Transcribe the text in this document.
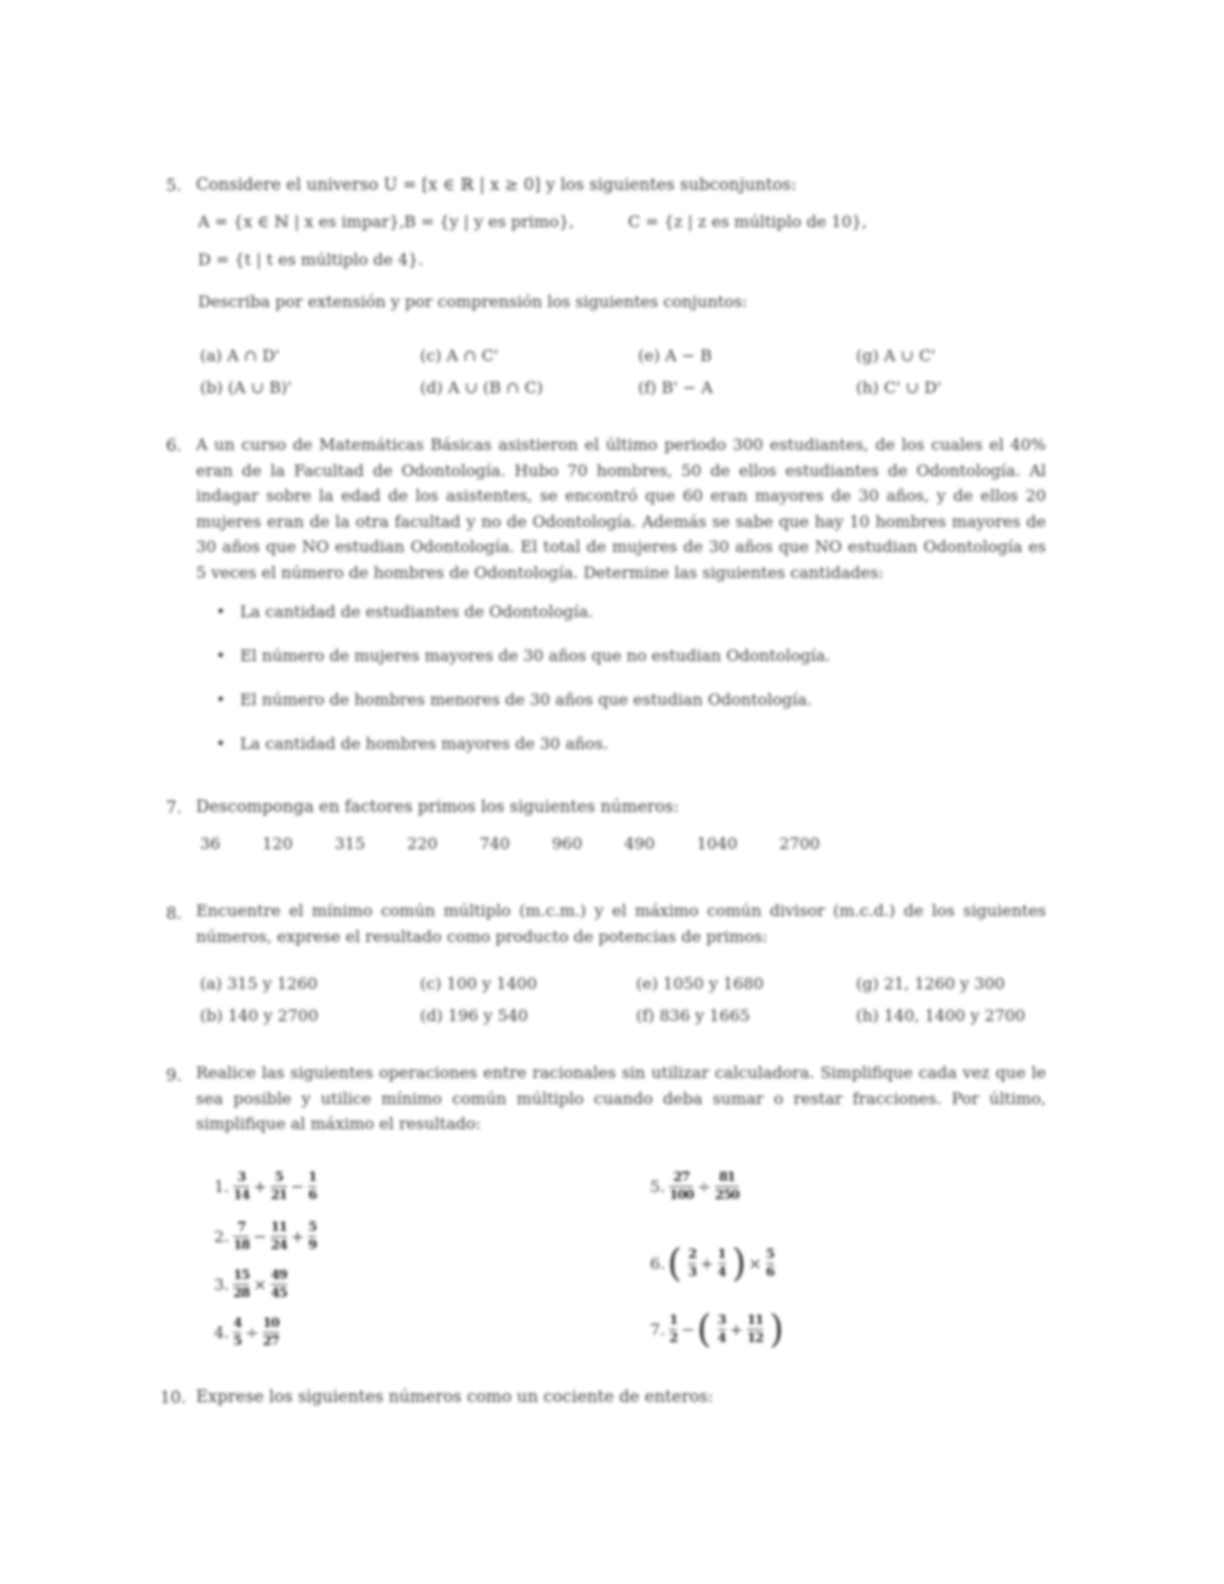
5. Considere el universo U = [x ∈ ℝ | x ≥ 0] y los siguientes subconjuntos:
A = {x ∈ ℕ | x es impar}, B = {y | y es primo},	C = {z | z es múltiplo de 10},
D = {t | t es múltiplo de 4}.
Describa por extensión y por comprensión los siguientes conjuntos:
(a) A ∩ D'	(c) A ∩ C'	(e) A − B	(g) A ∪ C'
(b) (A ∪ B)'	(d) A ∪ (B ∩ C)	(f) B' − A	(h) C' ∪ D'
6. A un curso de Matemáticas Básicas asistieron el último periodo 300 estudiantes, de los cuales el 40% eran de la Facultad de Odontología. Hubo 70 hombres, 50 de ellos estudiantes de Odontología. Al indagar sobre la edad de los asistentes, se encontró que 60 eran mayores de 30 años, y de ellos 20 mujeres eran de la otra facultad y no de Odontología. Además se sabe que hay 10 hombres mayores de 30 años que NO estudian Odontología. El total de mujeres de 30 años que NO estudian Odontología es 5 veces el número de hombres de Odontología. Determine las siguientes cantidades:
• La cantidad de estudiantes de Odontología.
• El número de mujeres mayores de 30 años que no estudian Odontología.
• El número de hombres menores de 30 años que estudian Odontología.
• La cantidad de hombres mayores de 30 años.
7. Descomponga en factores primos los siguientes números:
36	120	315	220	740	960	490	1040	2700
8. Encuentre el mínimo común múltiplo (m.c.m.) y el máximo común divisor (m.c.d.) de los siguientes números, exprese el resultado como producto de potencias de primos:
(a) 315 y 1260	(c) 100 y 1400	(e) 1050 y 1680	(g) 21, 1260 y 300
(b) 140 y 2700	(d) 196 y 540	(f) 836 y 1665	(h) 140, 1400 y 2700
9. Realice las siguientes operaciones entre racionales sin utilizar calculadora. Simplifique cada vez que le sea posible y utilice mínimo común múltiplo cuando deba sumar o restar fracciones. Por último, simplifique al máximo el resultado:
1. $\frac{3}{14} + \frac{5}{21} - \frac{1}{6}$
2. $\frac{7}{18} - \frac{11}{24} + \frac{5}{9}$
3. $\frac{15}{28} \times \frac{49}{45}$
4. $\frac{4}{5} \div \frac{10}{27}$
5. $\frac{27}{100} \div \frac{81}{250}$
6. ( $\frac{2}{3} + \frac{1}{4}$ ) × $\frac{5}{6}$
7. $\frac{1}{2}$ − ( $\frac{3}{4} + \frac{11}{12}$ )
10. Exprese los siguientes números como un cociente de enteros:
